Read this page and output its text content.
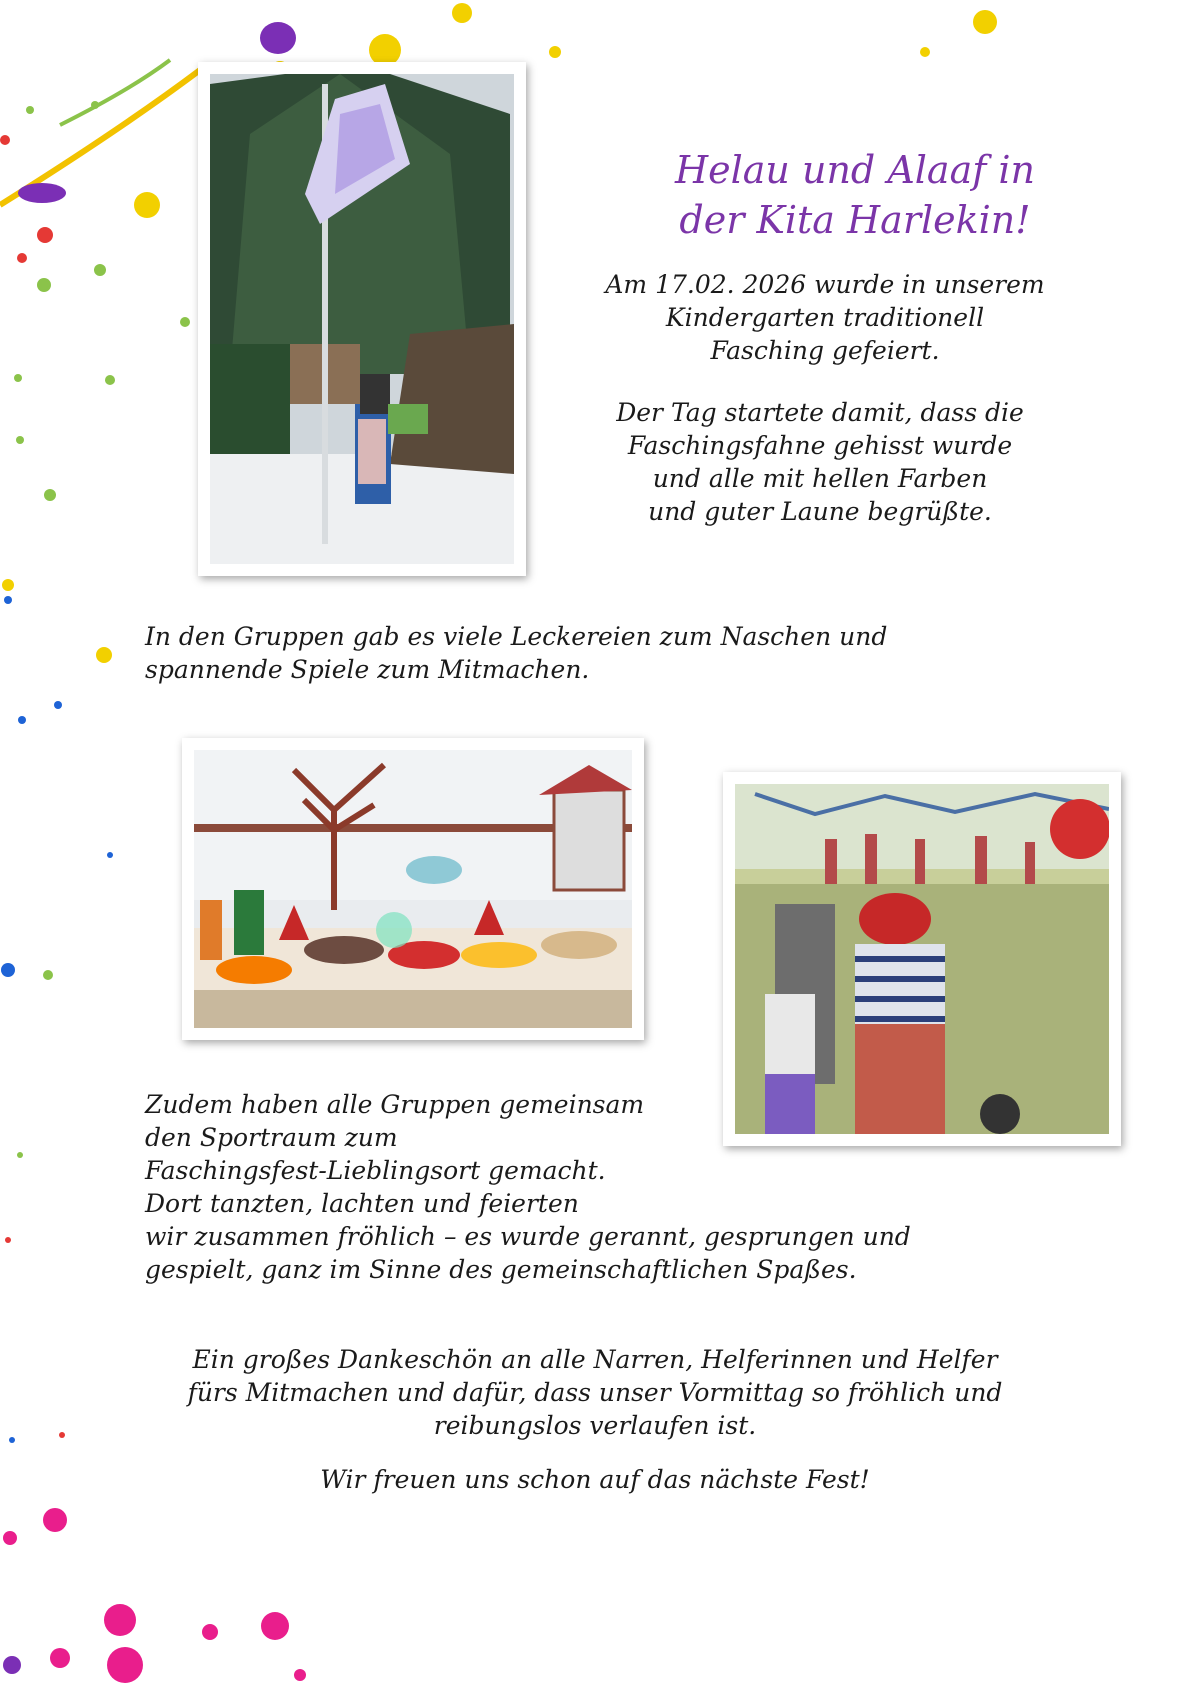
Helau und Alaaf in
der Kita Harlekin!
Am 17.02. 2026 wurde in unserem
Kindergarten traditionell
Fasching gefeiert.
Der Tag startete damit, dass die
Faschingsfahne gehisst wurde
und alle mit hellen Farben
und guter Laune begrüßte.
In den Gruppen gab es viele Leckereien zum Naschen und
spannende Spiele zum Mitmachen.
Zudem haben alle Gruppen gemeinsam
den Sportraum zum
Faschingsfest-Lieblingsort gemacht.
Dort tanzten, lachten und feierten
wir zusammen fröhlich – es wurde gerannt, gesprungen und
gespielt, ganz im Sinne des gemeinschaftlichen Spaßes.
Ein großes Dankeschön an alle Narren, Helferinnen und Helfer
fürs Mitmachen und dafür, dass unser Vormittag so fröhlich und
reibungslos verlaufen ist.
Wir freuen uns schon auf das nächste Fest!
